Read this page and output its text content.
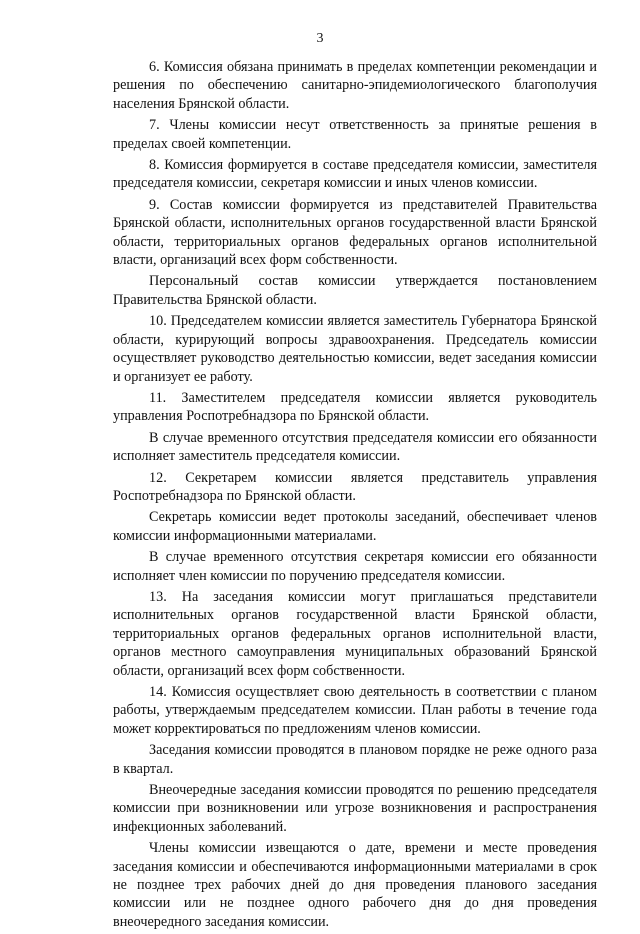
3

6. Комиссия обязана принимать в пределах компетенции рекомендации и решения по обеспечению санитарно-эпидемиологического благополучия населения Брянской области.

7. Члены комиссии несут ответственность за принятые решения в пределах своей компетенции.

8. Комиссия формируется в составе председателя комиссии, заместителя председателя комиссии, секретаря комиссии и иных членов комиссии.

9. Состав комиссии формируется из представителей Правительства Брянской области, исполнительных органов государственной власти Брянской области, территориальных органов федеральных органов исполнительной власти, организаций всех форм собственности.

Персональный состав комиссии утверждается постановлением Правительства Брянской области.

10. Председателем комиссии является заместитель Губернатора Брянской области, курирующий вопросы здравоохранения. Председатель комиссии осуществляет руководство деятельностью комиссии, ведет заседания комиссии и организует ее работу.

11. Заместителем председателя комиссии является руководитель управления Роспотребнадзора по Брянской области.

В случае временного отсутствия председателя комиссии его обязанности исполняет заместитель председателя комиссии.

12. Секретарем комиссии является представитель управления Роспотребнадзора по Брянской области.

Секретарь комиссии ведет протоколы заседаний, обеспечивает членов комиссии информационными материалами.

В случае временного отсутствия секретаря комиссии его обязанности исполняет член комиссии по поручению председателя комиссии.

13. На заседания комиссии могут приглашаться представители исполнительных органов государственной власти Брянской области, территориальных органов федеральных органов исполнительной власти, органов местного самоуправления муниципальных образований Брянской области, организаций всех форм собственности.

14. Комиссия осуществляет свою деятельность в соответствии с планом работы, утверждаемым председателем комиссии. План работы в течение года может корректироваться по предложениям членов комиссии.

Заседания комиссии проводятся в плановом порядке не реже одного раза в квартал.

Внеочередные заседания комиссии проводятся по решению председателя комиссии при возникновении или угрозе возникновения и распространения инфекционных заболеваний.

Члены комиссии извещаются о дате, времени и месте проведения заседания комиссии и обеспечиваются информационными материалами в срок не позднее трех рабочих дней до дня проведения планового заседания комиссии или не позднее одного рабочего дня до дня проведения внеочередного заседания комиссии.
